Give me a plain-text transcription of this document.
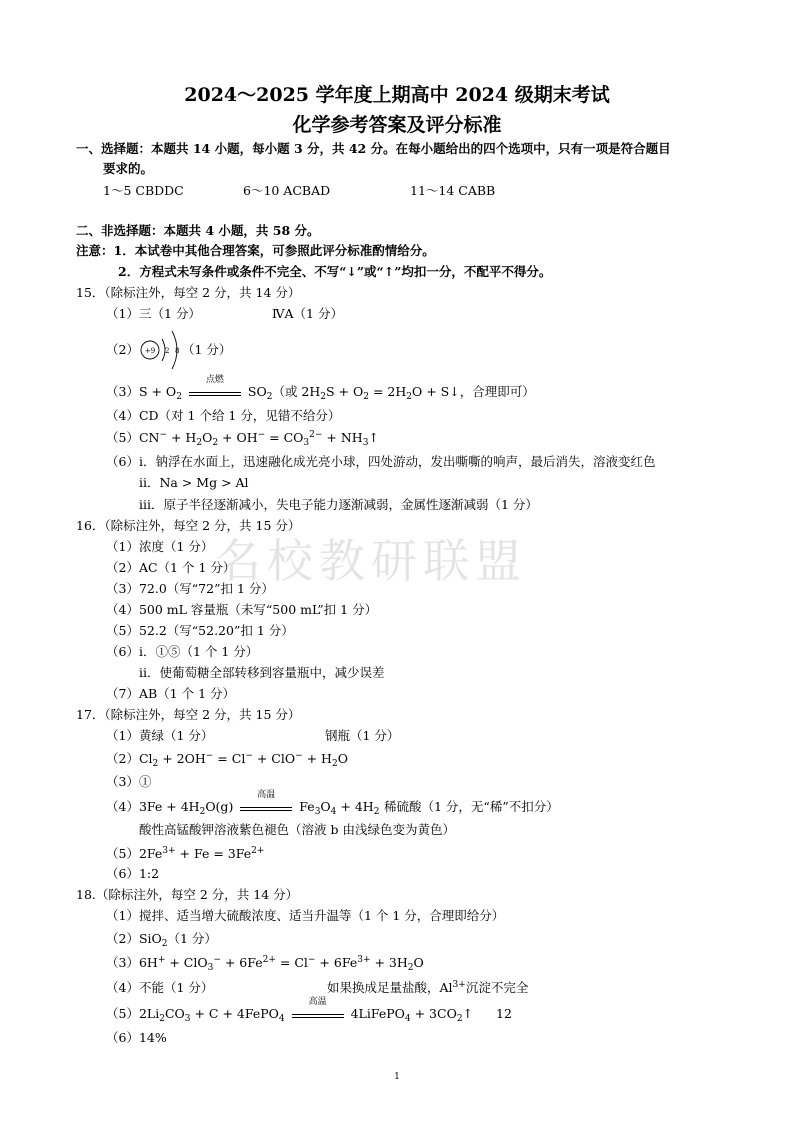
2024～2025 学年度上期高中 2024 级期末考试
化学参考答案及评分标准
一、选择题：本题共 14 小题，每小题 3 分，共 42 分。在每小题给出的四个选项中，只有一项是符合题目
要求的。
1～5 CBDDC	6～10 ACBAD	11～14 CABB
二、非选择题：本题共 4 小题，共 58 分。
注意：1．本试卷中其他合理答案，可参照此评分标准酌情给分。
2．方程式未写条件或条件不完全、不写“↓”或“↑”均扣一分，不配平不得分。
15．（除标注外，每空 2 分，共 14 分）
（1）三（1 分）	ⅣA（1 分）
（2） +9 2 8 （1 分）
$(3)S + O_2$
点燃
$SO_2$（或 $2H_2S + O_2 = 2H_2O$ + S↓，合理即可）
（4）CD（对 1 个给 1 分，见错不给分）
$(5)CN^- + H_2O_2 + OH^- = CO_3^{2-}$ + $NH_3↑$
（6）ⅰ．钠浮在水面上，迅速融化成光亮小球，四处游动，发出嘶嘶的响声，最后消失，溶液变红色
ⅱ．Na > Mg > Al
ⅲ．原子半径逐渐减小，失电子能力逐渐减弱，金属性逐渐减弱（1 分）
名校教研联盟
16．（除标注外，每空 2 分，共 15 分）
（1）浓度（1 分）
（2）AC（1 个 1 分）
（3）72.0（写“72”扣 1 分）
（4）500 mL 容量瓶（未写“500 mL”扣 1 分）
（5）52.2（写“52.20”扣 1 分）
（6）ⅰ．①⑤（1 个 1 分）
ⅱ．使葡萄糖全部转移到容量瓶中，减少误差
（7）AB（1 个 1 分）
17．（除标注外，每空 2 分，共 15 分）
（1）黄绿（1 分）	钢瓶（1 分）
$(2)Cl_2 + 2OH^- = Cl^- + ClO^- + H_2O$
（3）①
$(4)3Fe + 4H_2O(g)$
高温
$Fe_3O_4 + 4H_2$ 稀硫酸（1 分，无“稀”不扣分）
酸性高锰酸钾溶液紫色褪色（溶液 b 由浅绿色变为黄色）
$(5)2Fe^{3+} + Fe = 3Fe^{2+}$
（6）1:2
18.（除标注外，每空 2 分，共 14 分）
（1）搅拌、适当增大硫酸浓度、适当升温等（1 个 1 分，合理即给分）
（2）SiO$_2$（1 分）
$(3)6H^+ + ClO_3^- + 6Fe^{2+} = Cl^- + 6Fe^{3+} + 3H_2O$
（4）不能（1 分）	如果换成足量盐酸，$Al^{3+}$沉淀不完全
$(5)2Li_2CO_3 + C$ + 4FePO$_4$
高温
4LiFePO$_4$ + $3CO_2↑$ 12
（6）14%
1
